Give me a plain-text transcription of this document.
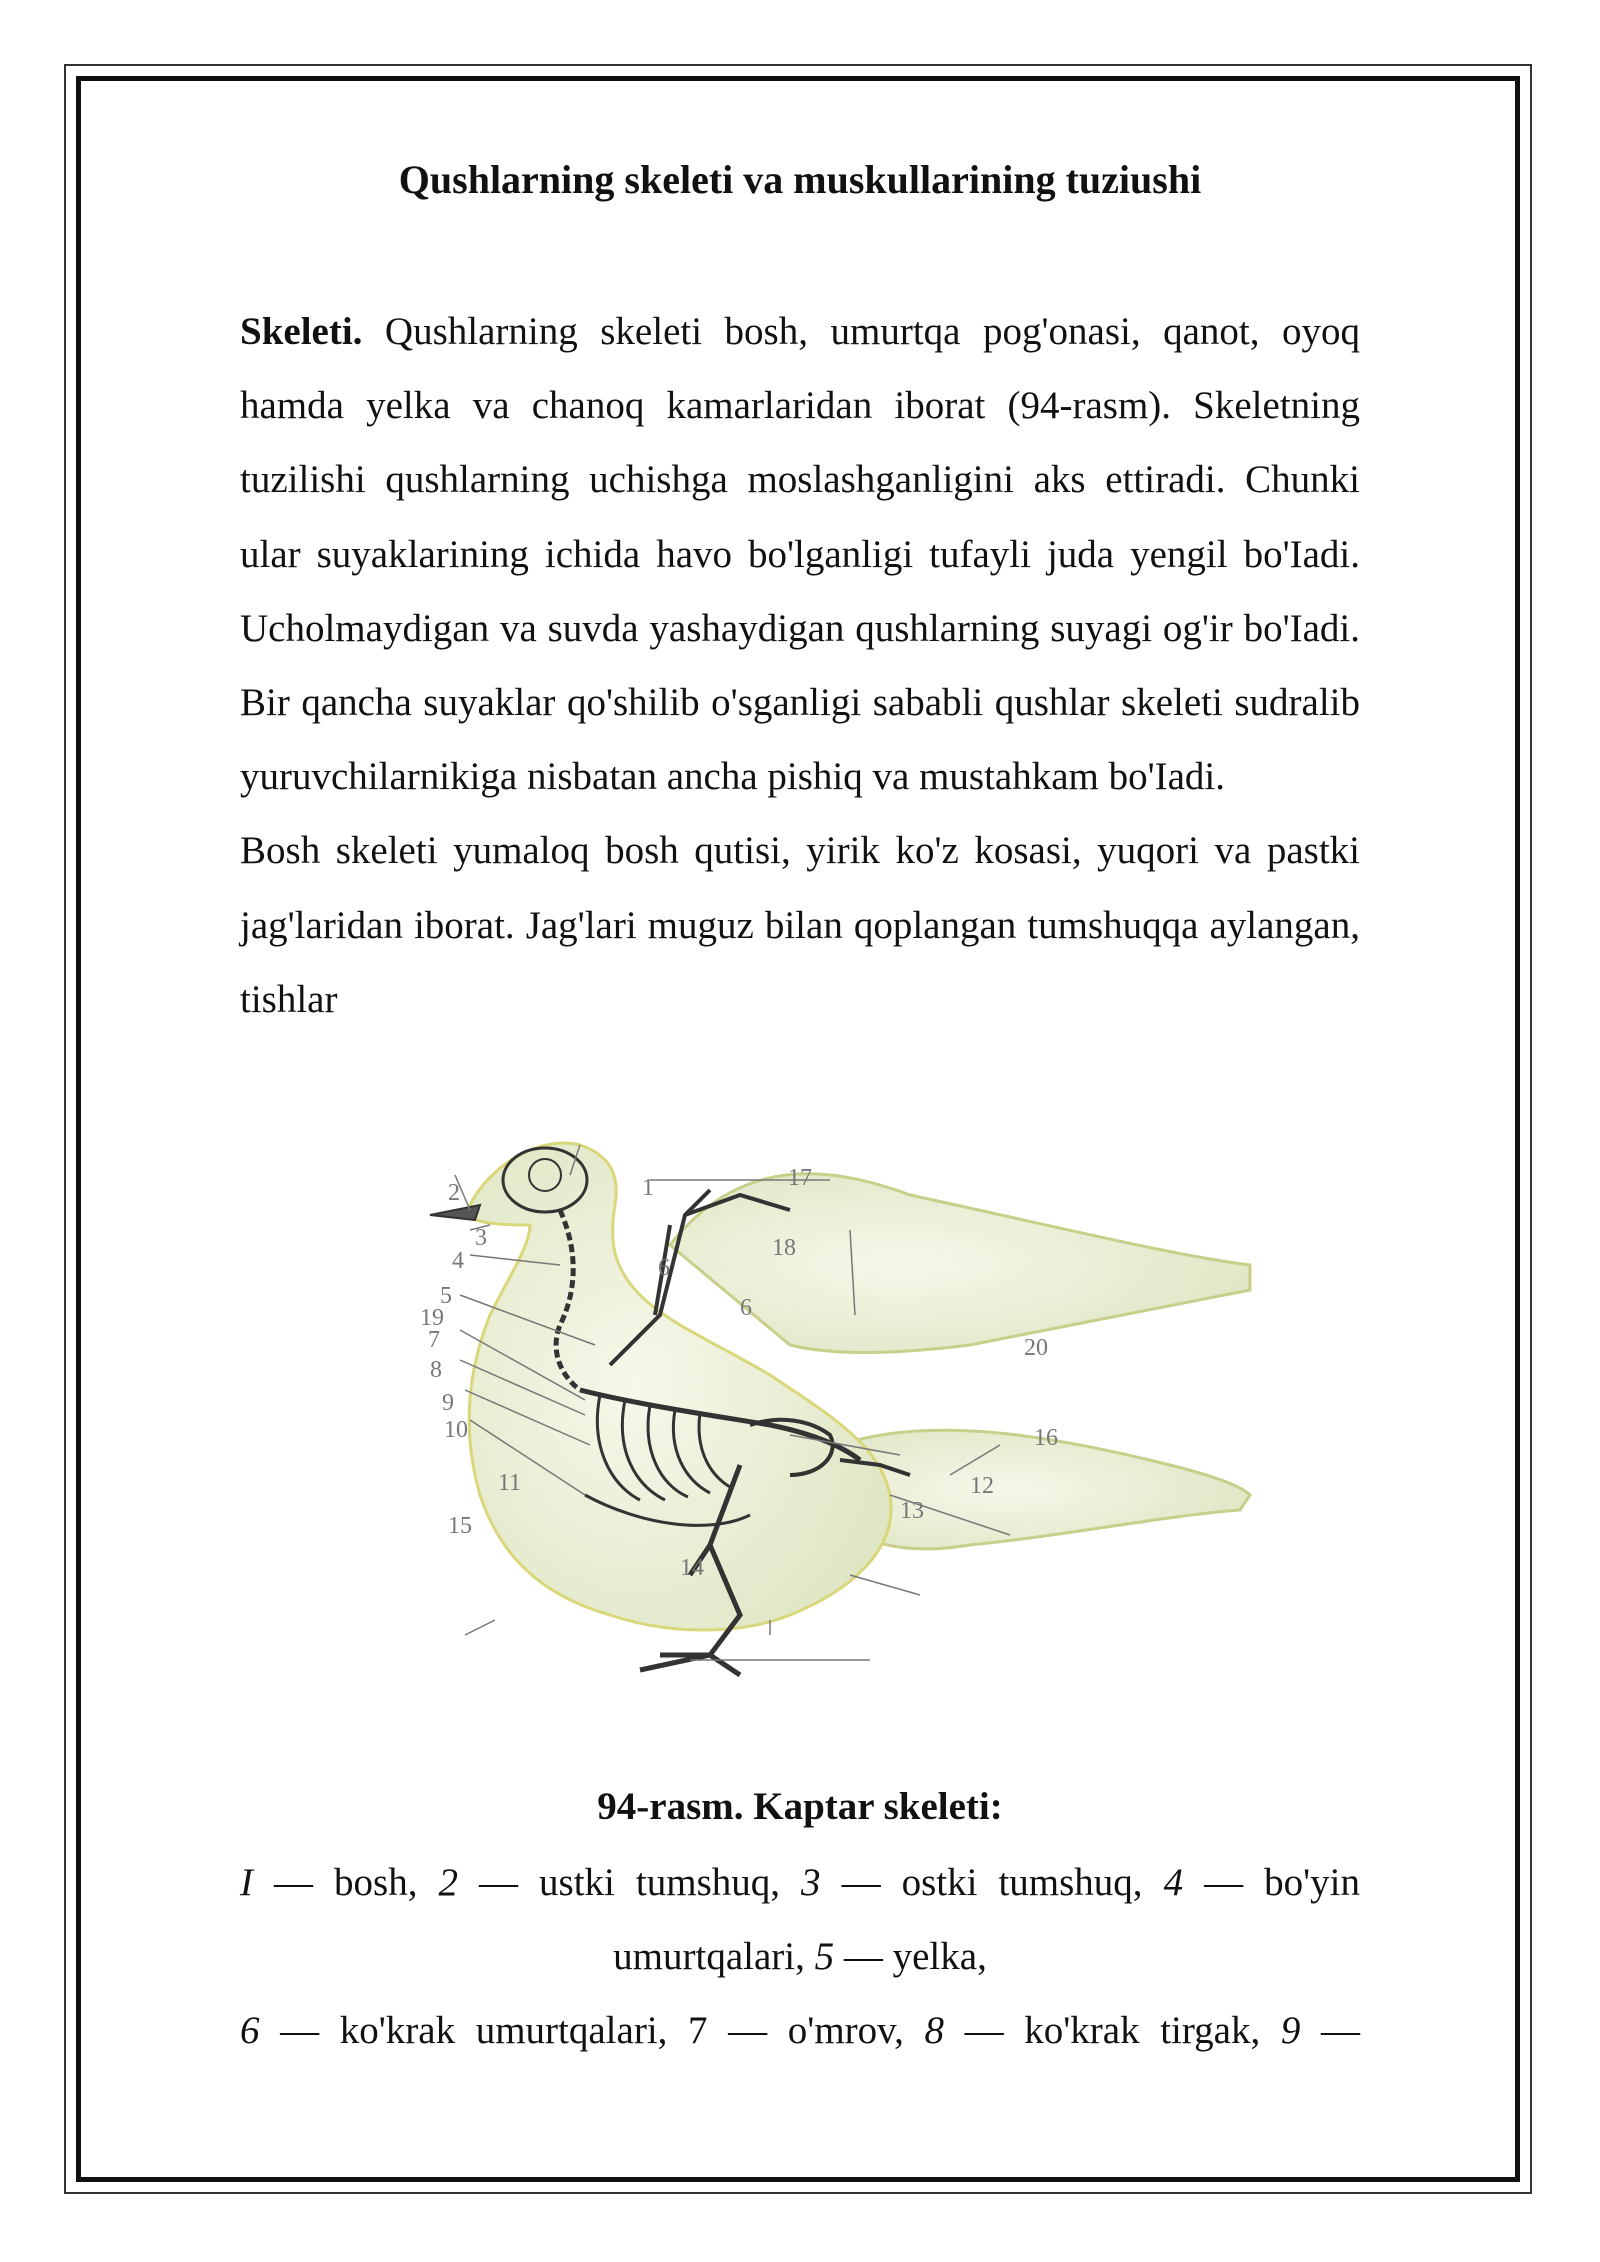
Qushlarning skeleti va muskullarining tuziushi

Skeleti. Qushlarning skeleti bosh, umurtqa pog'onasi, qanot, oyoq hamda yelka va chanoq kamarlaridan iborat (94-rasm). Skeletning tuzilishi qushlarning uchishga moslashganligini aks ettiradi. Chunki ular suyaklarining ichida havo bo'lganligi tufayli juda yengil bo'Iadi. Ucholmaydigan va suvda yashaydigan qushlarning suyagi og'ir bo'Iadi. Bir qancha suyaklar qo'shilib o'sganligi sababli qushlar skeleti sudralib yuruvchilarnikiga nisbatan ancha pishiq va mustahkam bo'Iadi.

Bosh skeleti yumaloq bosh qutisi, yirik ko'z kosasi, yuqori va pastki jag'laridan iborat. Jag'lari muguz bilan qoplangan tumshuqqa aylangan, tishlar

1
2
3
4
5
6
6
7
8
9
10
11	12
13
14
15
16
17
18
19
20
94-rasm. Kaptar skeleti:
I — bosh, 2 — ustki tumshuq, 3 — ostki tumshuq, 4 — bo'yin
umurtqalari, 5 — yelka,
6 — ko'krak umurtqalari, 7 — o'mrov, 8 — ko'krak tirgak, 9 —
